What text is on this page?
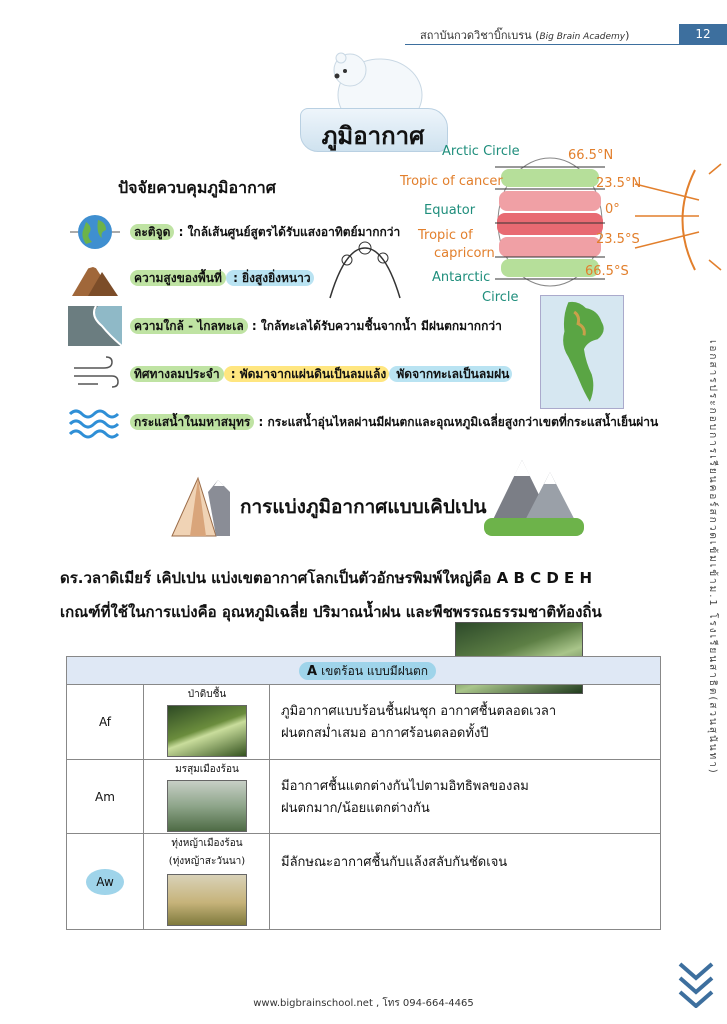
สถาบันกวดวิชาบิ๊กเบรน (Big Brain Academy)	12
เอกสารประกอบการเรียนคอร์สกวดเข้มเข้าม.1 โรงเรียนสาธิต(สวนสุนันทา)
ภูมิอากาศ
ปัจจัยควบคุมภูมิอากาศ
ละติจูด : ใกล้เส้นศูนย์สูตรได้รับแสงอาทิตย์มากกว่า
ความสูงของพื้นที่ : ยิ่งสูงยิ่งหนาว
ความใกล้ - ไกลทะเล : ใกล้ทะเลได้รับความชื้นจากน้ำ มีฝนตกมากกว่า
ทิศทางลมประจำ : พัดมาจากแผ่นดินเป็นลมแล้ง พัดจากทะเลเป็นลมฝน
กระแสน้ำในมหาสมุทร : กระแสน้ำอุ่นไหลผ่านมีฝนตกและอุณหภูมิเฉลี่ยสูงกว่าเขตที่กระแสน้ำเย็นผ่าน
Arctic Circle
Tropic of cancer
Equator
Tropic of
capricorn
Antarctic
Circle
66.5°N
23.5°N
0°
23.5°S
66.5°S
การแบ่งภูมิอากาศแบบเคิปเปน
ดร.วลาดิเมียร์ เคิปเปน แบ่งเขตอากาศโลกเป็นตัวอักษรพิมพ์ใหญ่คือ A B C D E H
เกณฑ์ที่ใช้ในการแบ่งคือ อุณหภูมิเฉลี่ย ปริมาณน้ำฝน และพืชพรรณธรรมชาติท้องถิ่น
A เขตร้อน แบบมีฝนตก
Af
ป่าดิบชื้น
ภูมิอากาศแบบร้อนชื้นฝนชุก อากาศชื้นตลอดเวลา
ฝนตกสม่ำเสมอ อากาศร้อนตลอดทั้งปี
Am
มรสุมเมืองร้อน
มีอากาศชื้นแตกต่างกันไปตามอิทธิพลของลม
ฝนตกมาก/น้อยแตกต่างกัน
Aw
ทุ่งหญ้าเมืองร้อน
(ทุ่งหญ้าสะวันนา)	มีลักษณะอากาศชื้นกับแล้งสลับกันชัดเจน
www.bigbrainschool.net , โทร 094-664-4465
